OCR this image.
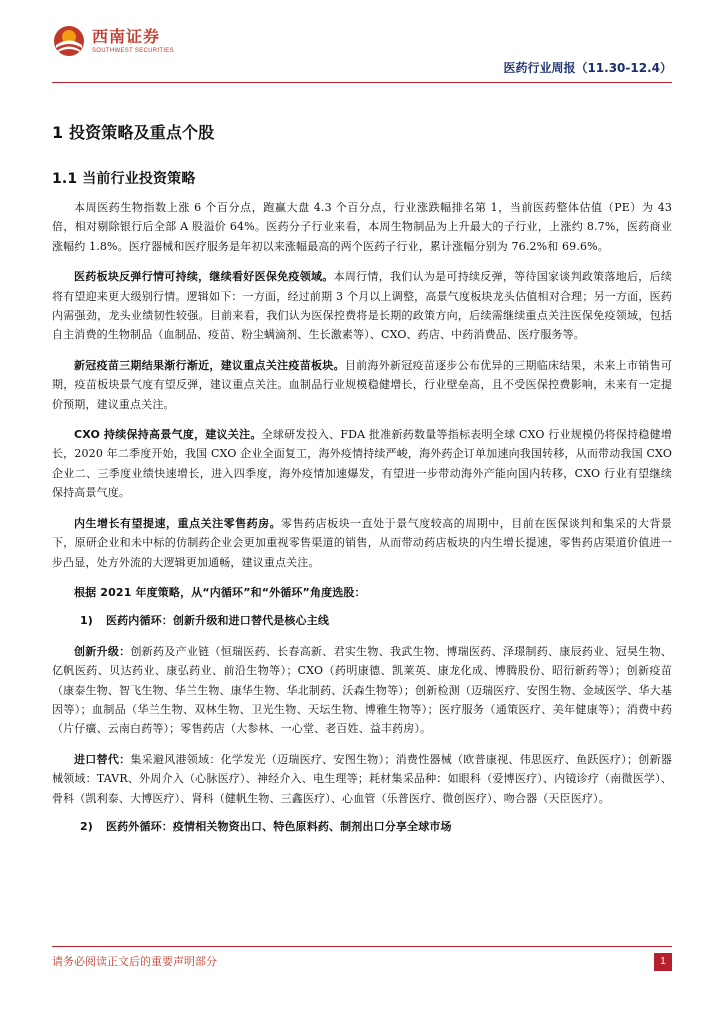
西南证券
SOUTHWEST SECURITIES
医药行业周报（11.30-12.4）
1 投资策略及重点个股
1.1 当前行业投资策略

本周医药生物指数上涨 6 个百分点，跑赢大盘 4.3 个百分点，行业涨跌幅排名第 1，当前医药整体估值（PE）为 43 倍，相对剔除银行后全部 A 股溢价 64%。医药分子行业来看，本周生物制品为上升最大的子行业，上涨约 8.7%，医药商业涨幅约 1.8%。医疗器械和医疗服务是年初以来涨幅最高的两个医药子行业，累计涨幅分别为 76.2%和 69.6%。

医药板块反弹行情可持续，继续看好医保免疫领域。本周行情，我们认为是可持续反弹，等待国家谈判政策落地后，后续将有望迎来更大级别行情。逻辑如下：一方面，经过前期 3 个月以上调整，高景气度板块龙头估值相对合理；另一方面，医药内需强劲，龙头业绩韧性较强。目前来看，我们认为医保控费将是长期的政策方向，后续需继续重点关注医保免疫领域，包括自主消费的生物制品（血制品、疫苗、粉尘螨滴剂、生长激素等）、CXO、药店、中药消费品、医疗服务等。

新冠疫苗三期结果渐行渐近，建议重点关注疫苗板块。目前海外新冠疫苗逐步公布优异的三期临床结果，未来上市销售可期，疫苗板块景气度有望反弹，建议重点关注。血制品行业规模稳健增长，行业壁垒高，且不受医保控费影响，未来有一定提价预期，建议重点关注。

CXO 持续保持高景气度，建议关注。全球研发投入、FDA 批准新药数量等指标表明全球 CXO 行业规模仍将保持稳健增长，2020 年二季度开始，我国 CXO 企业全面复工，海外疫情持续严峻，海外药企订单加速向我国转移，从而带动我国 CXO 企业二、三季度业绩快速增长，进入四季度，海外疫情加速爆发，有望进一步带动海外产能向国内转移，CXO 行业有望继续保持高景气度。

内生增长有望提速，重点关注零售药房。零售药店板块一直处于景气度较高的周期中，目前在医保谈判和集采的大背景下，原研企业和未中标的仿制药企业会更加重视零售渠道的销售，从而带动药店板块的内生增长提速，零售药店渠道价值进一步凸显，处方外流的大逻辑更加通畅，建议重点关注。

根据 2021 年度策略，从“内循环”和“外循环”角度选股：
1) 医药内循环：创新升级和进口替代是核心主线

创新升级：创新药及产业链（恒瑞医药、长春高新、君实生物、我武生物、博瑞医药、泽璟制药、康辰药业、冠昊生物、亿帆医药、贝达药业、康弘药业、前沿生物等）；CXO（药明康德、凯莱英、康龙化成、博腾股份、昭衍新药等）；创新疫苗（康泰生物、智飞生物、华兰生物、康华生物、华北制药、沃森生物等）；创新检测（迈瑞医疗、安图生物、金域医学、华大基因等）；血制品（华兰生物、双林生物、卫光生物、天坛生物、博雅生物等）；医疗服务（通策医疗、美年健康等）；消费中药（片仔癀、云南白药等）；零售药店（大参林、一心堂、老百姓、益丰药房）。

进口替代：集采避风港领域：化学发光（迈瑞医疗、安图生物）；消费性器械（欧普康视、伟思医疗、鱼跃医疗）；创新器械领域：TAVR、外周介入（心脉医疗）、神经介入、电生理等；耗材集采品种：如眼科（爱博医疗）、内镜诊疗（南微医学）、骨科（凯利泰、大博医疗）、肾科（健帆生物、三鑫医疗）、心血管（乐普医疗、微创医疗）、吻合器（天臣医疗）。

2) 医药外循环：疫情相关物资出口、特色原料药、制剂出口分享全球市场
请务必阅读正文后的重要声明部分	1
